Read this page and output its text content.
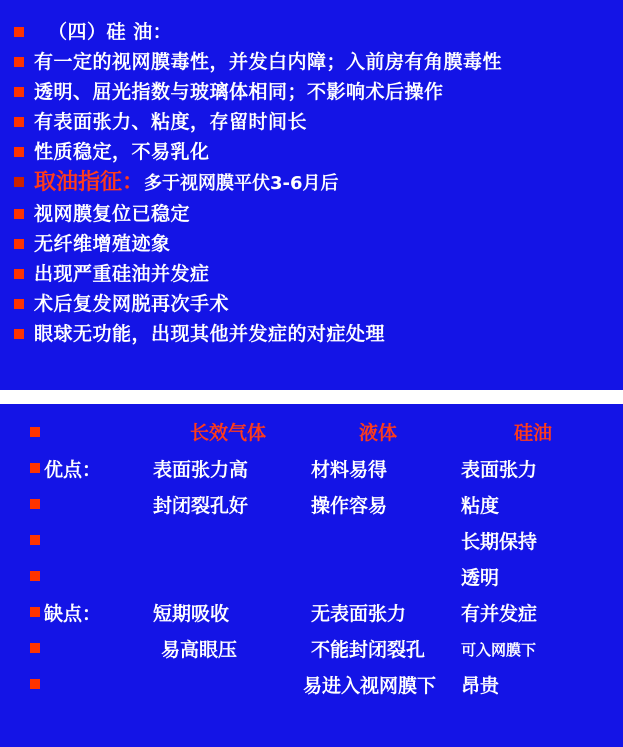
（四）硅 油：
有一定的视网膜毒性，并发白内障；入前房有角膜毒性
透明、屈光指数与玻璃体相同；不影响术后操作
有表面张力、粘度，存留时间长
性质稳定，不易乳化
取油指征：多于视网膜平伏3-6月后
视网膜复位已稳定
无纤维增殖迹象
出现严重硅油并发症
术后复发网脱再次手术
眼球无功能，出现其他并发症的对症处理

		长效气体	液体	硅油

	优点：	表面张力高	材料易得	表面张力

		封闭裂孔好	操作容易	粘度

				长期保持

				透明

	缺点：	短期吸收	无表面张力	有并发症

		易高眼压	不能封闭裂孔	可入网膜下

			易进入视网膜下	昂贵
